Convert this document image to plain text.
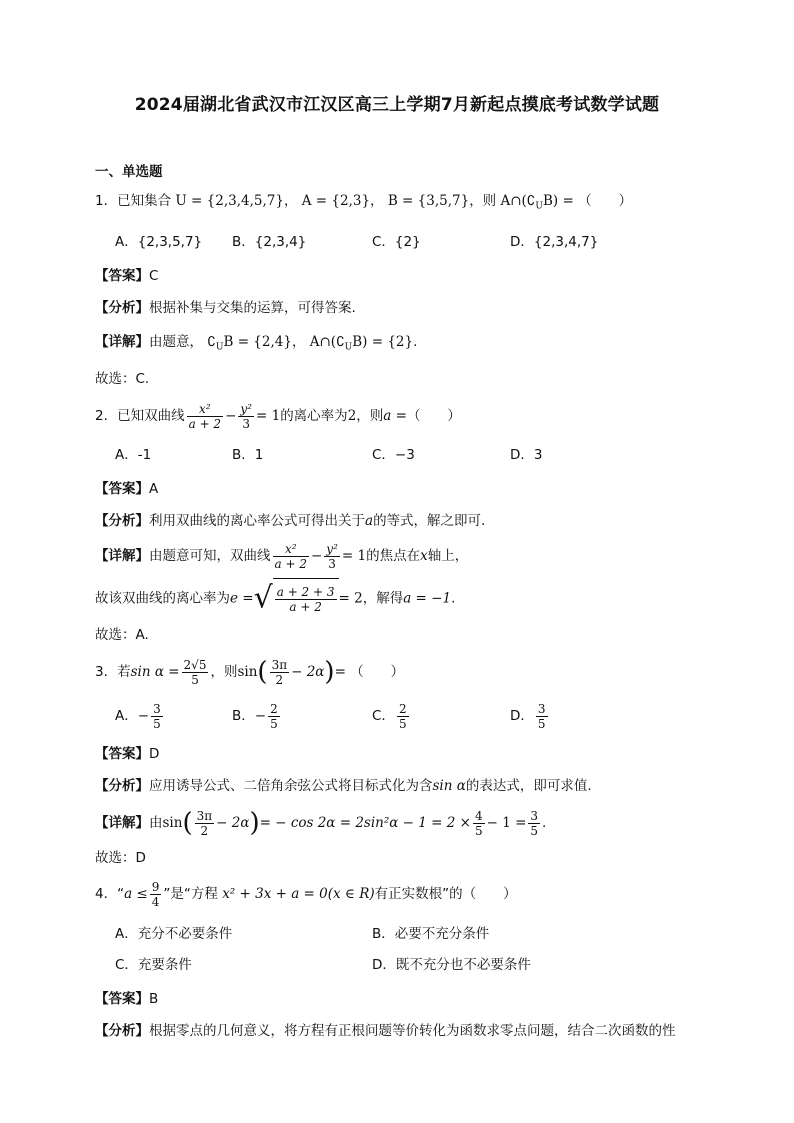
2024届湖北省武汉市江汉区高三上学期7月新起点摸底考试数学试题
一、单选题
1．已知集合 U = {2,3,4,5,7}， A = {2,3}， B = {3,5,7}，则 $A\cap(∁_UB)$ = （　　）
A．{2,3,5,7} B．{2,3,4}	C．{2}	D．{2,3,4,7}
【答案】C
【分析】根据补集与交集的运算，可得答案.
【详解】由题意， $∁_UB = \{2,4\}$， $A\cap(∁_UB) = \{2\}$.
故选：C.
2．已知双曲线 $\frac{\text{x²}}{a + 2} - \frac{\text{y²}}{3} = 1$的离心率为2，则a =（　　）
A．-1	B．1	C．−3	D．3
【答案】A
【分析】利用双曲线的离心率公式可得出关于a的等式，解之即可.
【详解】由题意可知，双曲线 $\frac{\text{x²}}{a + 2} - \frac{\text{y²}}{3} = 1$的焦点在x轴上，
故该双曲线的离心率为e =√ $\frac{a + 2 + 3}{a + 2} = 2$，解得a = −1.
故选：A.
3．若$\sin \alpha = \frac{2√5}{5}$ ，则$\sin( \frac{3\pi}{2} - 2\alpha)=$ （　　）
A．− $\frac{3}{5}$	B．− $\frac{2}{5}$	C． $\frac{2}{5}$	D． $\frac{3}{5}$
【答案】D
【分析】应用诱导公式、二倍角余弦公式将目标式化为含sin α的表达式，即可求值.
【详解】由$\sin( \frac{3\pi}{2} - 2\alpha)= - \cos 2\alpha = 2\sin^2\alpha - 1 = 2 \times \frac{4}{5} - 1 = \frac{3}{5}$ .
故选：D
4．“$a \le \frac{9}{4}$ ”是“方程 x² + 3x + a = 0(x ∈ R)有正实数根”的（　　）
A．充分不必要条件	B．必要不充分条件
C．充要条件	D．既不充分也不必要条件
【答案】B
【分析】根据零点的几何意义，将方程有正根问题等价转化为函数求零点问题，结合二次函数的性
